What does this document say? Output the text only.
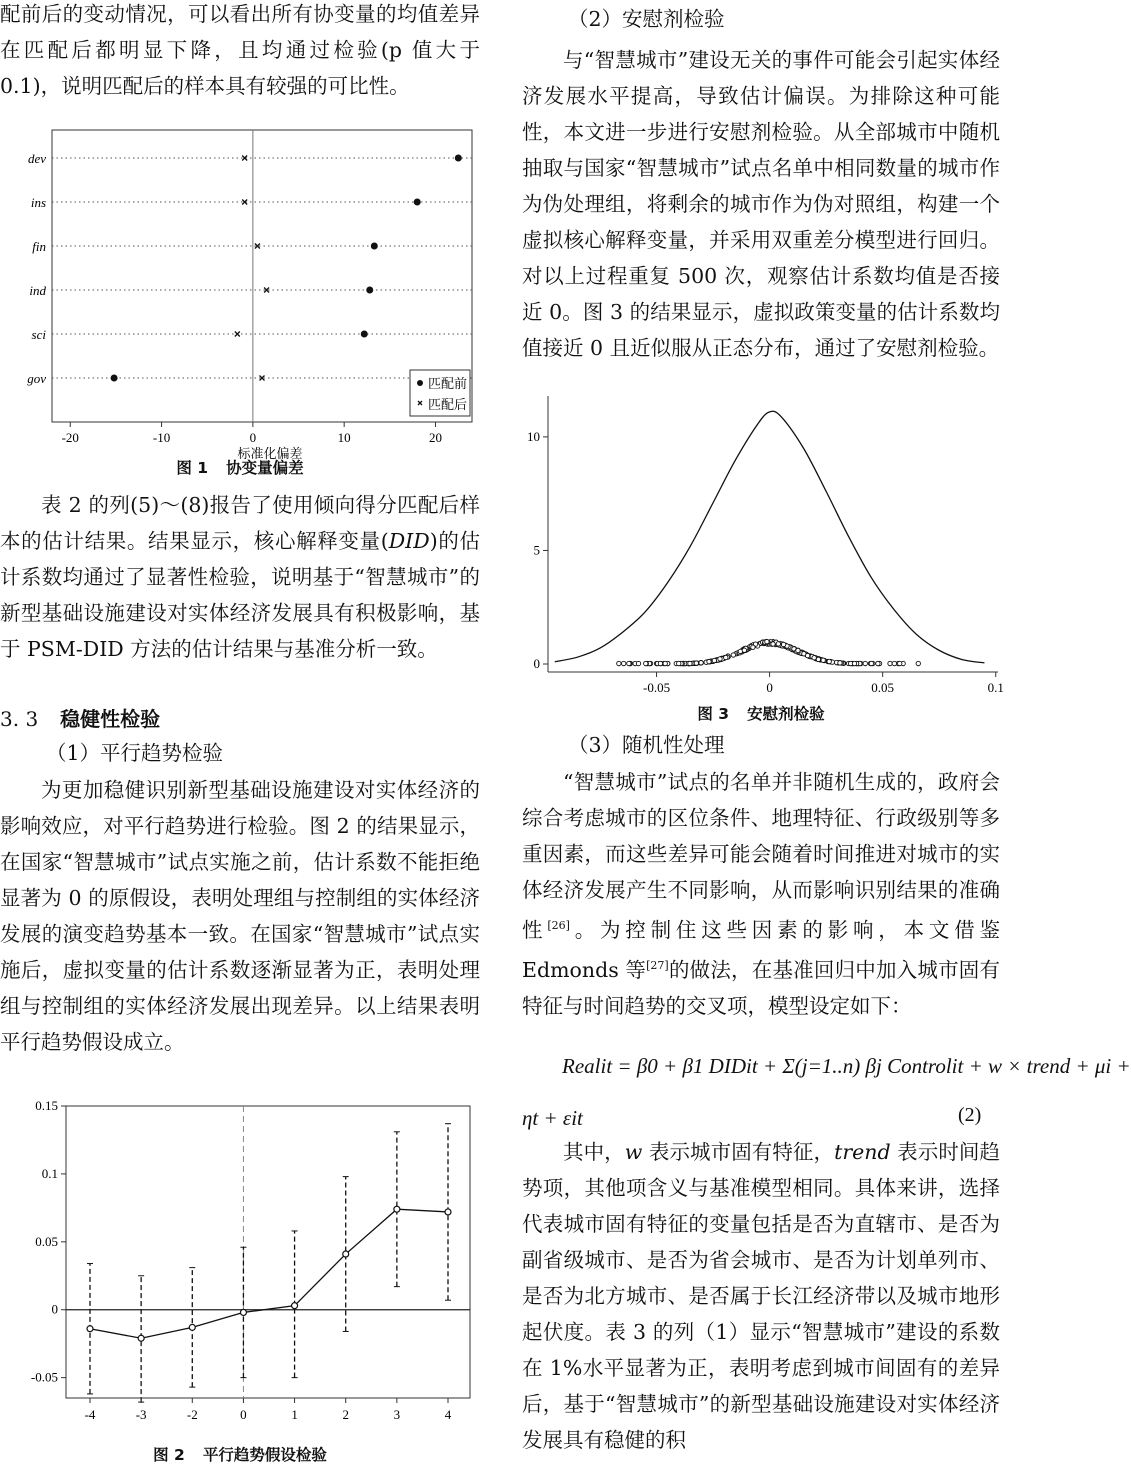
配前后的变动情况，可以看出所有协变量的均值差异在匹配后都明显下降，且均通过检验(p 值大于 0.1)，说明匹配后的样本具有较强的可比性。

dev
ins
fin
ind
sci
gov
-20	-10	0	10	20
标准化偏差
匹配前
匹配后

图 1 协变量偏差

表 2 的列(5)～(8)报告了使用倾向得分匹配后样本的估计结果。结果显示，核心解释变量(DID)的估计系数均通过了显著性检验，说明基于“智慧城市”的新型基础设施建设对实体经济发展具有积极影响，基于 PSM-DID 方法的估计结果与基准分析一致。

3. 3 稳健性检验

（1）平行趋势检验

为更加稳健识别新型基础设施建设对实体经济的影响效应，对平行趋势进行检验。图 2 的结果显示，在国家“智慧城市”试点实施之前，估计系数不能拒绝显著为 0 的原假设，表明处理组与控制组的实体经济发展的演变趋势基本一致。在国家“智慧城市”试点实施后，虚拟变量的估计系数逐渐显著为正，表明处理组与控制组的实体经济发展出现差异。以上结果表明平行趋势假设成立。

-0.05
0
0.05
0.1
0.15
-4	-3	-2	0	1	2	3	4

图 2 平行趋势假设检验

（2）安慰剂检验

与“智慧城市”建设无关的事件可能会引起实体经济发展水平提高，导致估计偏误。为排除这种可能性，本文进一步进行安慰剂检验。从全部城市中随机抽取与国家“智慧城市”试点名单中相同数量的城市作为伪处理组，将剩余的城市作为伪对照组，构建一个虚拟核心解释变量，并采用双重差分模型进行回归。对以上过程重复 500 次，观察估计系数均值是否接近 0。图 3 的结果显示，虚拟政策变量的估计系数均值接近 0 且近似服从正态分布，通过了安慰剂检验。

0
5
10
-0.05	0	0.05	0.1

图 3 安慰剂检验

（3）随机性处理

“智慧城市”试点的名单并非随机生成的，政府会综合考虑城市的区位条件、地理特征、行政级别等多重因素，而这些差异可能会随着时间推进对城市的实体经济发展产生不同影响，从而影响识别结果的准确性[26]。为控制住这些因素的影响，本文借鉴 Edmonds 等[27]的做法，在基准回归中加入城市固有特征与时间趋势的交叉项，模型设定如下：

Realit = β0 + β1 DIDit + Σ(j=1..n) βj Controlit + w × trend + μi +
ηt + εit	(2)

其中，w 表示城市固有特征，trend 表示时间趋势项，其他项含义与基准模型相同。具体来讲，选择代表城市固有特征的变量包括是否为直辖市、是否为副省级城市、是否为省会城市、是否为计划单列市、是否为北方城市、是否属于长江经济带以及城市地形起伏度。表 3 的列（1）显示“智慧城市”建设的系数在 1%水平显著为正，表明考虑到城市间固有的差异后，基于“智慧城市”的新型基础设施建设对实体经济发展具有稳健的积
